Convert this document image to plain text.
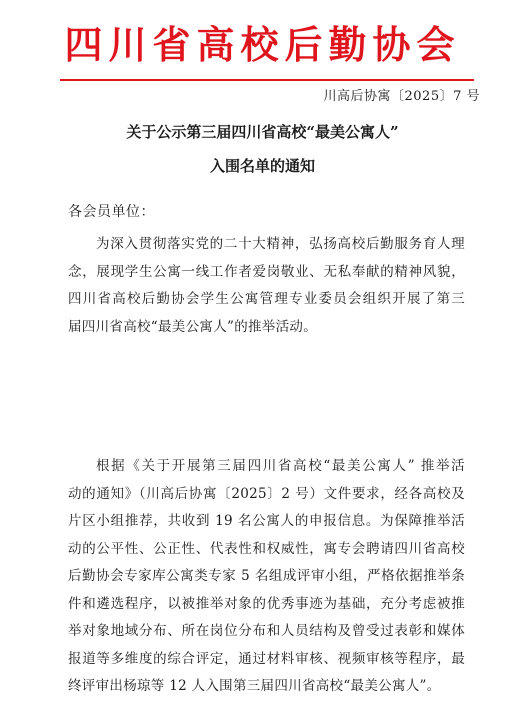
四川省高校后勤协会
川高后协寓〔2025〕7 号
关于公示第三届四川省高校“最美公寓人”
入围名单的通知
各会员单位：
为深入贯彻落实党的二十大精神，弘扬高校后勤服务育人理
念，展现学生公寓一线工作者爱岗敬业、无私奉献的精神风貌，
四川省高校后勤协会学生公寓管理专业委员会组织开展了第三
届四川省高校“最美公寓人”的推举活动。
根据《关于开展第三届四川省高校“最美公寓人” 推举活
动的通知》（川高后协寓〔2025〕2 号）文件要求，经各高校及
片区小组推荐，共收到 19 名公寓人的申报信息。为保障推举活
动的公平性、公正性、代表性和权威性，寓专会聘请四川省高校
后勤协会专家库公寓类专家 5 名组成评审小组，严格依据推举条
件和遴选程序，以被推举对象的优秀事迹为基础，充分考虑被推
举对象地域分布、所在岗位分布和人员结构及曾受过表彰和媒体
报道等多维度的综合评定，通过材料审核、视频审核等程序，最
终评审出杨琼等 12 人入围第三届四川省高校“最美公寓人”。
